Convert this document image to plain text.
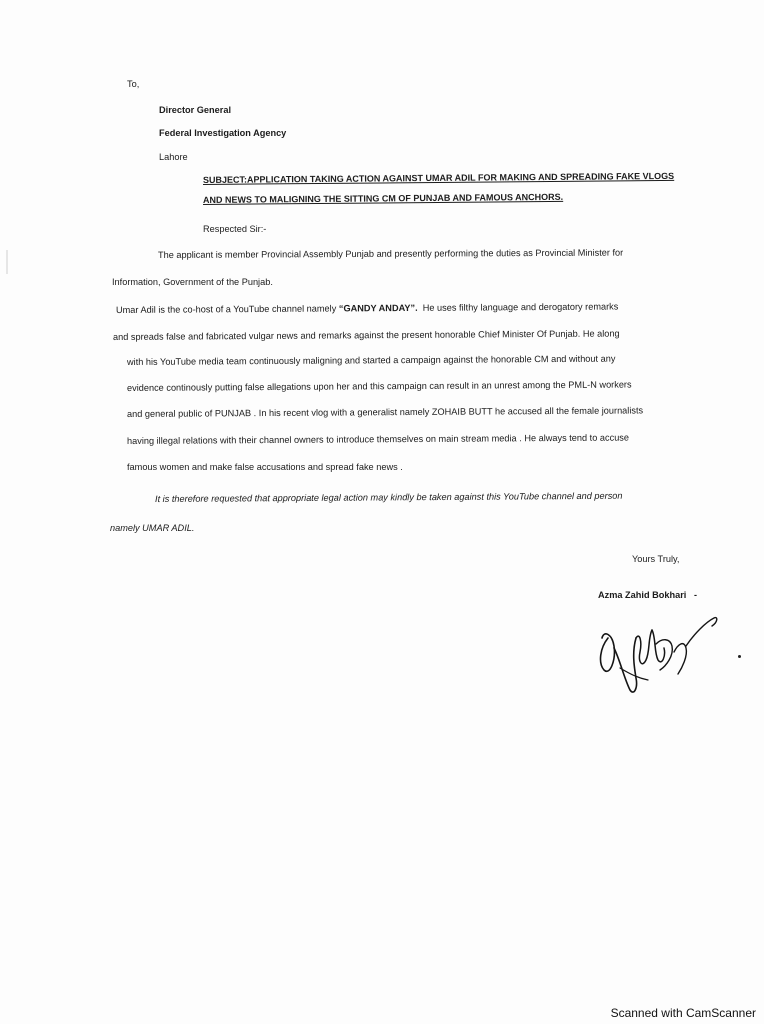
To,
Director General
Federal Investigation Agency
Lahore
SUBJECT:APPLICATION TAKING ACTION AGAINST UMAR ADIL FOR MAKING AND SPREADING FAKE VLOGS
AND NEWS TO MALIGNING THE SITTING CM OF PUNJAB AND FAMOUS ANCHORS.
Respected Sir:-
The applicant is member Provincial Assembly Punjab and presently performing the duties as Provincial Minister for
Information, Government of the Punjab.
Umar Adil is the co-host of a YouTube channel namely “GANDY ANDAY”.  He uses filthy language and derogatory remarks
and spreads false and fabricated vulgar news and remarks against the present honorable Chief Minister Of Punjab. He along
with his YouTube media team continuously maligning and started a campaign against the honorable CM and without any
evidence continously putting false allegations upon her and this campaign can result in an unrest among the PML-N workers
and general public of PUNJAB . In his recent vlog with a generalist namely ZOHAIB BUTT he accused all the female journalists
having illegal relations with their channel owners to introduce themselves on main stream media . He always tend to accuse
famous women and make false accusations and spread fake news .
It is therefore requested that appropriate legal action may kindly be taken against this YouTube channel and person
namely UMAR ADIL.
Yours Truly,
Azma Zahid Bokhari -
Scanned with CamScanner
